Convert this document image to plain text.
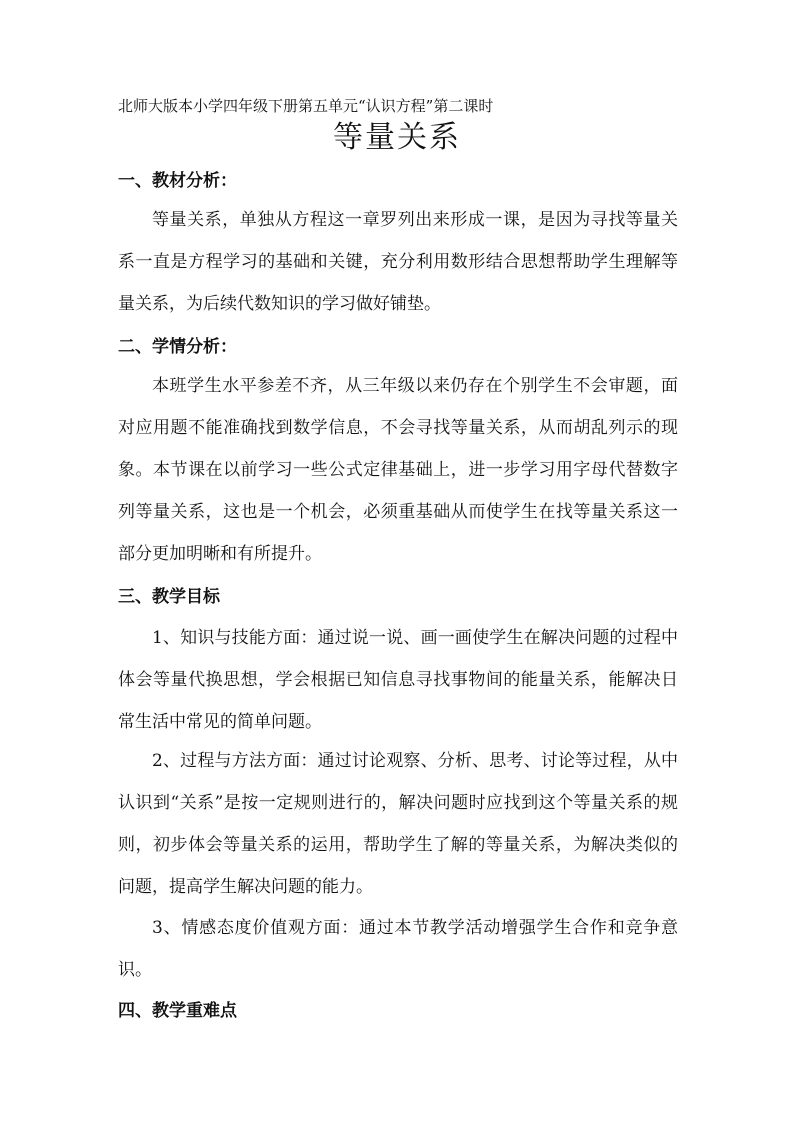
北师大版本小学四年级下册第五单元“认识方程”第二课时
等量关系
一、教材分析：
等量关系，单独从方程这一章罗列出来形成一课，是因为寻找等量关系一直是方程学习的基础和关键，充分利用数形结合思想帮助学生理解等量关系，为后续代数知识的学习做好铺垫。
二、学情分析：
本班学生水平参差不齐，从三年级以来仍存在个别学生不会审题，面对应用题不能准确找到数学信息，不会寻找等量关系，从而胡乱列示的现象。本节课在以前学习一些公式定律基础上，进一步学习用字母代替数字列等量关系，这也是一个机会，必须重基础从而使学生在找等量关系这一部分更加明晰和有所提升。
三、教学目标
1、知识与技能方面：通过说一说、画一画使学生在解决问题的过程中体会等量代换思想，学会根据已知信息寻找事物间的能量关系，能解决日常生活中常见的简单问题。
2、过程与方法方面：通过讨论观察、分析、思考、讨论等过程，从中认识到“关系”是按一定规则进行的，解决问题时应找到这个等量关系的规则，初步体会等量关系的运用，帮助学生了解的等量关系，为解决类似的问题，提高学生解决问题的能力。
3、情感态度价值观方面：通过本节教学活动增强学生合作和竞争意识。
四、教学重难点
